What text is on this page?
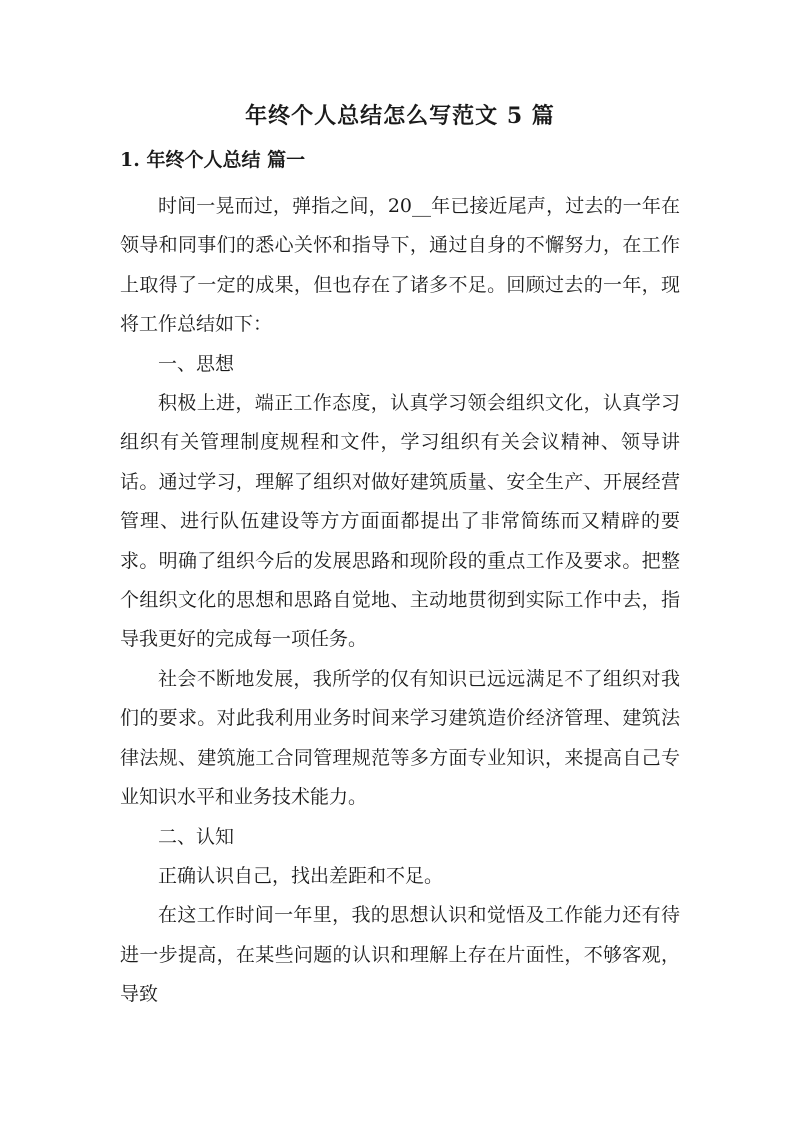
年终个人总结怎么写范文 5 篇
1. 年终个人总结 篇一

时间一晃而过，弹指之间，20__年已接近尾声，过去的一年在领导和同事们的悉心关怀和指导下，通过自身的不懈努力，在工作上取得了一定的成果，但也存在了诸多不足。回顾过去的一年，现将工作总结如下：

一、思想

积极上进，端正工作态度，认真学习领会组织文化，认真学习组织有关管理制度规程和文件，学习组织有关会议精神、领导讲话。通过学习，理解了组织对做好建筑质量、安全生产、开展经营管理、进行队伍建设等方方面面都提出了非常简练而又精辟的要求。明确了组织今后的发展思路和现阶段的重点工作及要求。把整个组织文化的思想和思路自觉地、主动地贯彻到实际工作中去，指导我更好的完成每一项任务。

社会不断地发展，我所学的仅有知识已远远满足不了组织对我们的要求。对此我利用业务时间来学习建筑造价经济管理、建筑法律法规、建筑施工合同管理规范等多方面专业知识，来提高自己专业知识水平和业务技术能力。

二、认知

正确认识自己，找出差距和不足。

在这工作时间一年里，我的思想认识和觉悟及工作能力还有待进一步提高，在某些问题的认识和理解上存在片面性，不够客观，导致
